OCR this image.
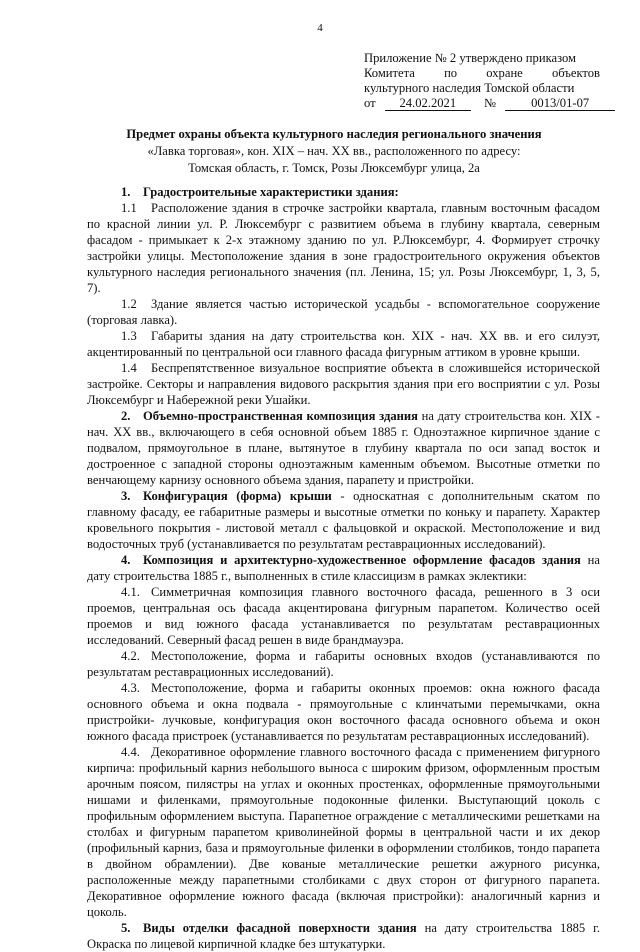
4
Приложение № 2 утверждено приказом
Комитета по охране объектов
культурного наследия Томской области
от 24.02.2021 №	0013/01-07
Предмет охраны объекта культурного наследия регионального значения
«Лавка торговая», кон. XIX – нач. XX вв., расположенного по адресу:
Томская область, г. Томск, Розы Люксембург улица, 2а

1. Градостроительные характеристики здания:

1.1 Расположение здания в строчке застройки квартала, главным восточным фасадом по красной линии ул. Р. Люксембург с развитием объема в глубину квартала, северным фасадом - примыкает к 2-х этажному зданию по ул. Р.Люксембург, 4. Формирует строчку застройки улицы. Местоположение здания в зоне градостроительного окружения объектов культурного наследия регионального значения (пл. Ленина, 15; ул. Розы Люксембург, 1, 3, 5, 7).

1.2 Здание является частью исторической усадьбы - вспомогательное сооружение (торговая лавка).

1.3 Габариты здания на дату строительства кон. XIX - нач. XX вв. и его силуэт, акцентированный по центральной оси главного фасада фигурным аттиком в уровне крыши.

1.4 Беспрепятственное визуальное восприятие объекта в сложившейся исторической застройке. Секторы и направления видового раскрытия здания при его восприятии с ул. Розы Люксембург и Набережной реки Ушайки.

2. Объемно-пространственная композиция здания на дату строительства кон. XIX - нач. XX вв., включающего в себя основной объем 1885 г. Одноэтажное кирпичное здание с подвалом, прямоугольное в плане, вытянутое в глубину квартала по оси запад восток и достроенное с западной стороны одноэтажным каменным объемом. Высотные отметки по венчающему карнизу основного объема здания, парапету и пристройки.

3. Конфигурация (форма) крыши - односкатная с дополнительным скатом по главному фасаду, ее габаритные размеры и высотные отметки по коньку и парапету. Характер кровельного покрытия - листовой металл с фальцовкой и окраской. Местоположение и вид водосточных труб (устанавливается по результатам реставрационных исследований).

4. Композиция и архитектурно-художественное оформление фасадов здания на дату строительства 1885 г., выполненных в стиле классицизм в рамках эклектики:

4.1. Симметричная композиция главного восточного фасада, решенного в 3 оси проемов, центральная ось фасада акцентирована фигурным парапетом. Количество осей проемов и вид южного фасада устанавливается по результатам реставрационных исследований. Северный фасад решен в виде брандмауэра.

4.2. Местоположение, форма и габариты основных входов (устанавливаются по результатам реставрационных исследований).

4.3. Местоположение, форма и габариты оконных проемов: окна южного фасада основного объема и окна подвала - прямоугольные с клинчатыми перемычками, окна пристройки- лучковые, конфигурация окон восточного фасада основного объема и окон южного фасада пристроек (устанавливается по результатам реставрационных исследований).

4.4. Декоративное оформление главного восточного фасада с применением фигурного кирпича: профильный карниз небольшого выноса с широким фризом, оформленным простым арочным поясом, пилястры на углах и оконных простенках, оформленные прямоугольными нишами и филенками, прямоугольные подоконные филенки. Выступающий цоколь с профильным оформлением выступа. Парапетное ограждение с металлическими решетками на столбах и фигурным парапетом криволинейной формы в центральной части и их декор (профильный карниз, база и прямоугольные филенки в оформлении столбиков, тондо парапета в двойном обрамлении). Две кованые металлические решетки ажурного рисунка, расположенные между парапетными столбиками с двух сторон от фигурного парапета. Декоративное оформление южного фасада (включая пристройки): аналогичный карниз и цоколь.

5. Виды отделки фасадной поверхности здания на дату строительства 1885 г. Окраска по лицевой кирпичной кладке без штукатурки.
